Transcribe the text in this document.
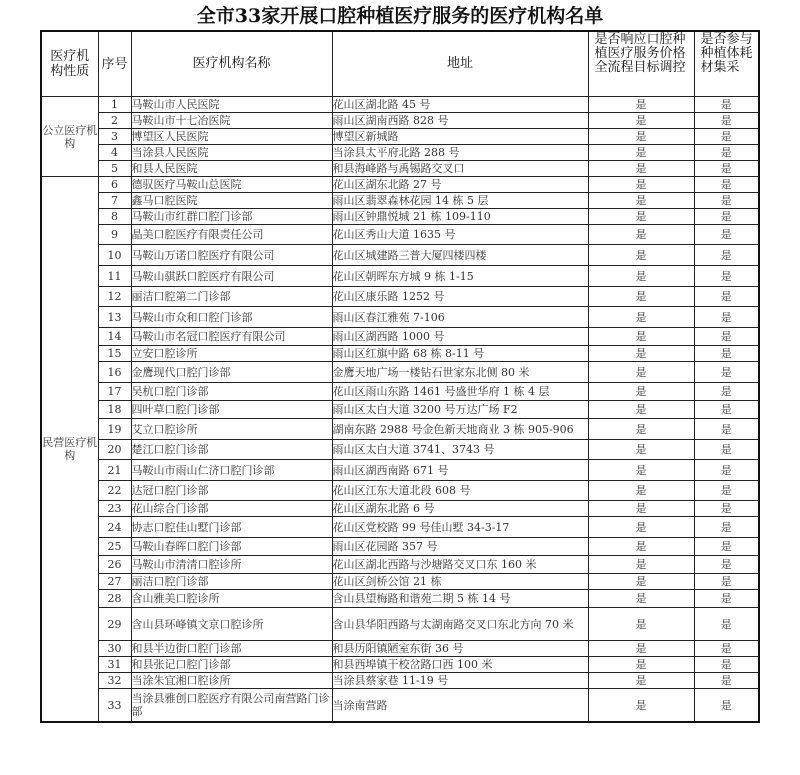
全市33家开展口腔种植医疗服务的医疗机构名单
医疗机构性质	序号	医疗机构名称	地址	是否响应口腔种植医疗服务价格全流程目标调控	是否参与种植体耗材集采
公立医疗机构	1	马鞍山市人民医院	花山区湖北路 45 号	是	是
	2	马鞍山市十七冶医院	雨山区湖南西路 828 号	是	是
	3	博望区人民医院	博望区新城路	是	是
	4	当涂县人民医院	当涂县太平府北路 288 号	是	是
	5	和县人民医院	和县海峰路与禹锡路交叉口	是	是
民营医疗机构	6	德驭医疗马鞍山总医院	花山区湖东北路 27 号	是	是
	7	鑫马口腔医院	雨山区翡翠森林花园 14 栋 5 层	是	是
	8	马鞍山市红群口腔门诊部	雨山区钟鼎悦城 21 栋 109-110	是	是
	9	晶美口腔医疗有限责任公司	花山区秀山大道 1635 号	是	是
	10	马鞍山万诺口腔医疗有限公司	花山区城建路三普大厦四楼四楼	是	是
	11	马鞍山骐跃口腔医疗有限公司	花山区朝晖东方城 9 栋 1-15	是	是
	12	丽洁口腔第二门诊部	花山区康乐路 1252 号	是	是
	13	马鞍山市众和口腔门诊部	雨山区春江雅苑 7-106	是	是
	14	马鞍山市名冠口腔医疗有限公司	雨山区湖西路 1000 号	是	是
	15	立安口腔诊所	雨山区红旗中路 68 栋 8-11 号	是	是
	16	金鹰现代口腔门诊部	金鹰天地广场一楼钻石世家东北侧 80 米	是	是
	17	吴杭口腔门诊部	花山区雨山东路 1461 号盛世华府 1 栋 4 层	是	是
	18	四叶草口腔门诊部	雨山区太白大道 3200 号万达广场 F2	是	是
	19	艾立口腔诊所	湖南东路 2988 号金色新天地商业 3 栋 905-906	是	是
	20	楚江口腔门诊部	雨山区太白大道 3741、3743 号	是	是
	21	马鞍山市雨山仁济口腔门诊部	雨山区湖西南路 671 号	是	是
	22	达冠口腔门诊部	花山区江东大道北段 608 号	是	是
	23	花山综合门诊部	花山区湖东北路 6 号	是	是
	24	协志口腔佳山墅门诊部	花山区党校路 99 号佳山墅 34-3-17	是	是
	25	马鞍山春晖口腔门诊部	雨山区花园路 357 号	是	是
	26	马鞍山市清清口腔诊所	花山区湖北西路与沙塘路交叉口东 160 米	是	是
	27	丽洁口腔门诊部	花山区剑桥公馆 21 栋	是	是
	28	含山雅美口腔诊所	含山县望梅路和谐苑二期 5 栋 14 号	是	是
	29	含山县环峰镇文京口腔诊所	含山县华阳西路与太湖南路交叉口东北方向 70 米	是	是
	30	和县半边街口腔门诊部	和县历阳镇陋室东街 36 号	是	是
	31	和县张记口腔门诊部	和县西埠镇干校岔路口西 100 米	是	是
	32	当涂朱宜湘口腔诊所	当涂县蔡家巷 11-19 号	是	是
	33	当涂县雅创口腔医疗有限公司南营路门诊部	当涂南营路	是	是
